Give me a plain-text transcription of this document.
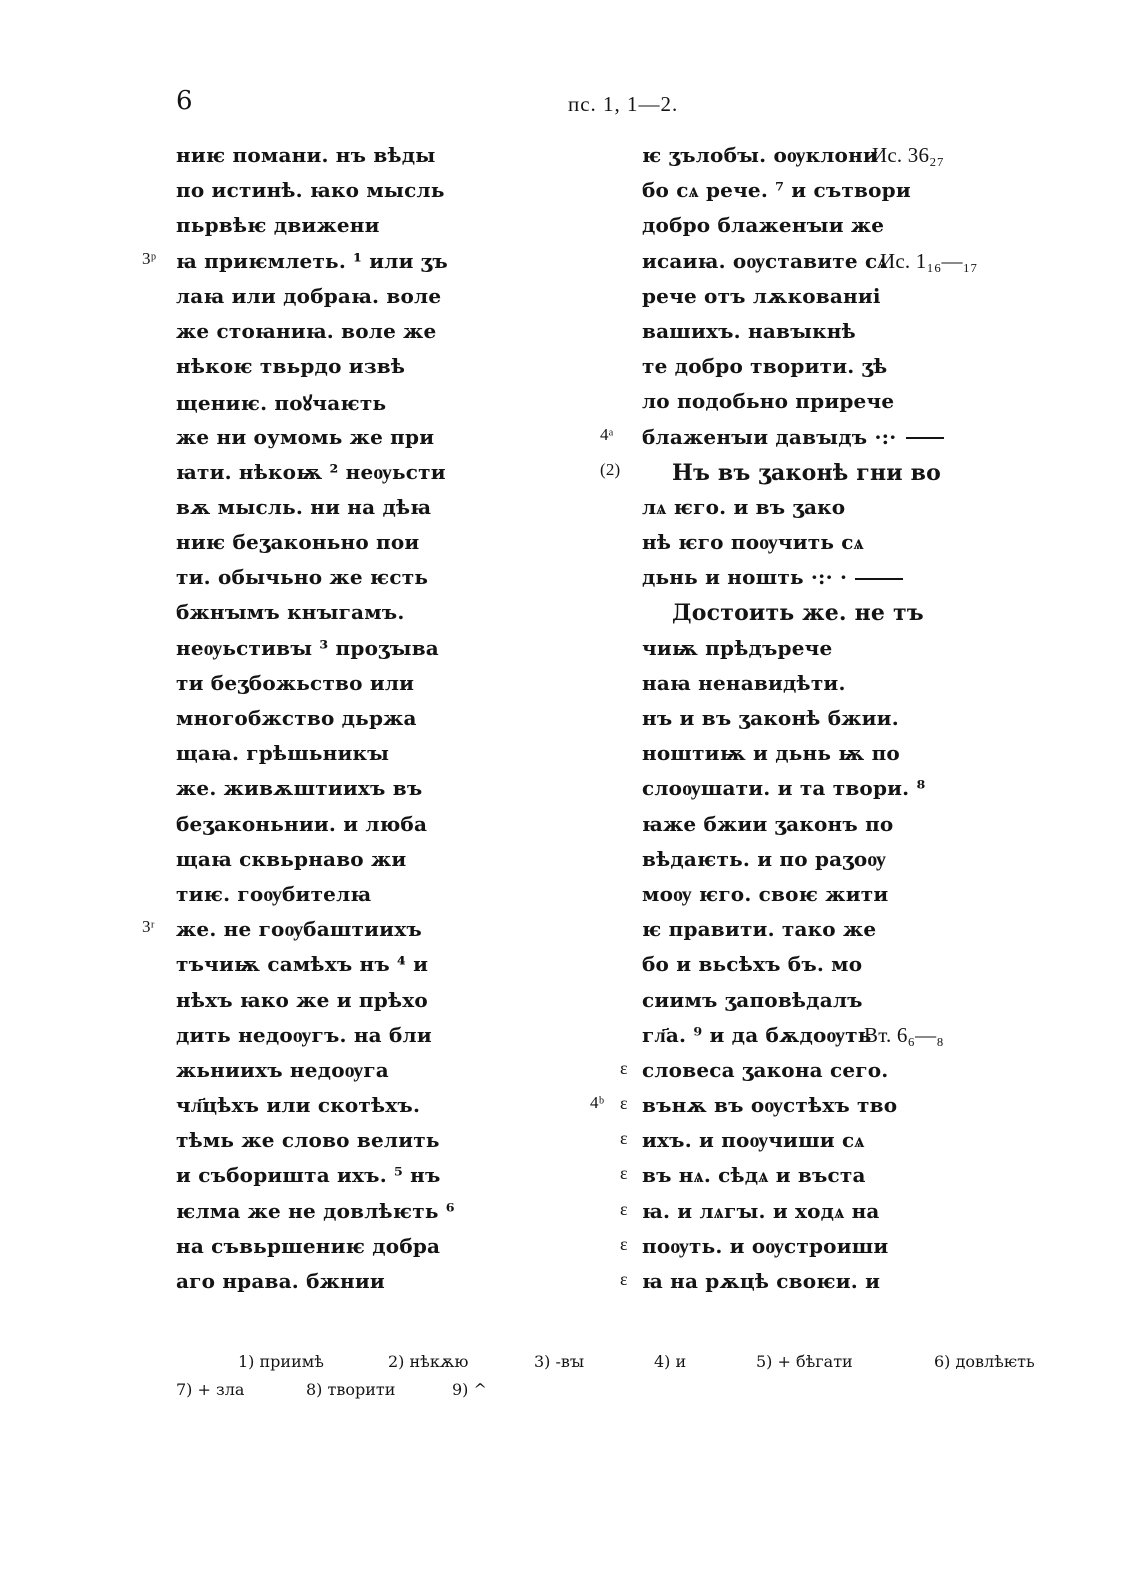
6	пс. 1, 1—2.
ниѥ помани. нъ вѣды
по истинѣ. ꙗко мысль
пьрвѣѥ движени
3ᵖ ꙗ приѥмлеть. ¹ или ӡъ
лаꙗ или добраꙗ. воле
же стоꙗниꙗ. воле же
нѣкоѥ твьрдо извѣ
щениѥ. поꙋчаѥть
же ни оумомь же при
ꙗти. нѣкоѭ ² неѹьсти
вѫ мысль. ни на дѣꙗ
ниѥ беӡаконьно пои
ти. обычьно же ѥсть
бжнꙑмъ кнꙑгамъ.
неѹьстивꙑ ³ проӡꙑва
ти беӡбожьство или
многобжство дьржа
щаꙗ. грѣшьникꙑ
же. живѫштиихъ въ
беӡаконьнии. и люба
щаꙗ сквьрнаво жи
тиѥ. гоѹбителꙗ
3ʳ же. не гоѹбаштиихъ
тъчиѭ самѣхъ нъ ⁴ и
нѣхъ ꙗко же и прѣхо
дить недоѹгъ. на бли
жьниихъ недоѹга
чл҃цѣхъ или скотѣхъ.
тѣмь же слово велить
и съборишта ихъ. ⁵ нъ
ѥлма же не довлѣѥть ⁶
на съвьршениѥ добра
аго нрава. бжнии
ѥ ӡълобꙑ. оѹклони
Ис. 36₂₇
бо сѧ рече. ⁷ и сътвори
добро блаженꙑи же
исаиꙗ. оѹставите сѧ
Ис. 1₁₆—₁₇
рече отъ лѫкованиі
вашихъ. навꙑкнѣ
те добро творити. ӡѣ
ло подобьно прирече
4ᵃ блаженꙑи давꙑдъ ·:·
(2) Нъ въ ӡаконѣ гни во
лѧ ѥго. и въ ӡако
нѣ ѥго поѹчить сѧ
дьнь и ношть ·:· ·
Достоить же. не тъ
чиѭ прѣдърече
наꙗ ненавидѣти.
нъ и въ ӡаконѣ бжии.
ноштиѭ и дьнь ѭ по
слоѹшати. и та твори. ⁸
ꙗже бжии ӡаконъ по
вѣдаѥть. и по раӡоѹ
моѹ ѥго. своѥ жити
ѥ правити. тако же
бо и вьсѣхъ бъ. мо
сиимъ ӡаповѣдалъ
гл҃а. ⁹ и да бѫдоѹть
Вт. 6₆—₈
ɛ словеса ӡакона сего.
4ᵇ ɛ вънѫ въ оѹстѣхъ тво
ɛ ихъ. и поѹчиши сѧ
ɛ въ нѧ. сѣдѧ и въста
ɛ ꙗ. и лѧгꙑ. и ходѧ на
ɛ поѹть. и оѹстроиши
ɛ ꙗ на рѫцѣ своѥи. и
1) приимѣ	2) нѣкѫю	3) -вꙑ	4) и	5) + бѣгати	6) довлѣѥть
7) + зла	8) творити	9) ^
